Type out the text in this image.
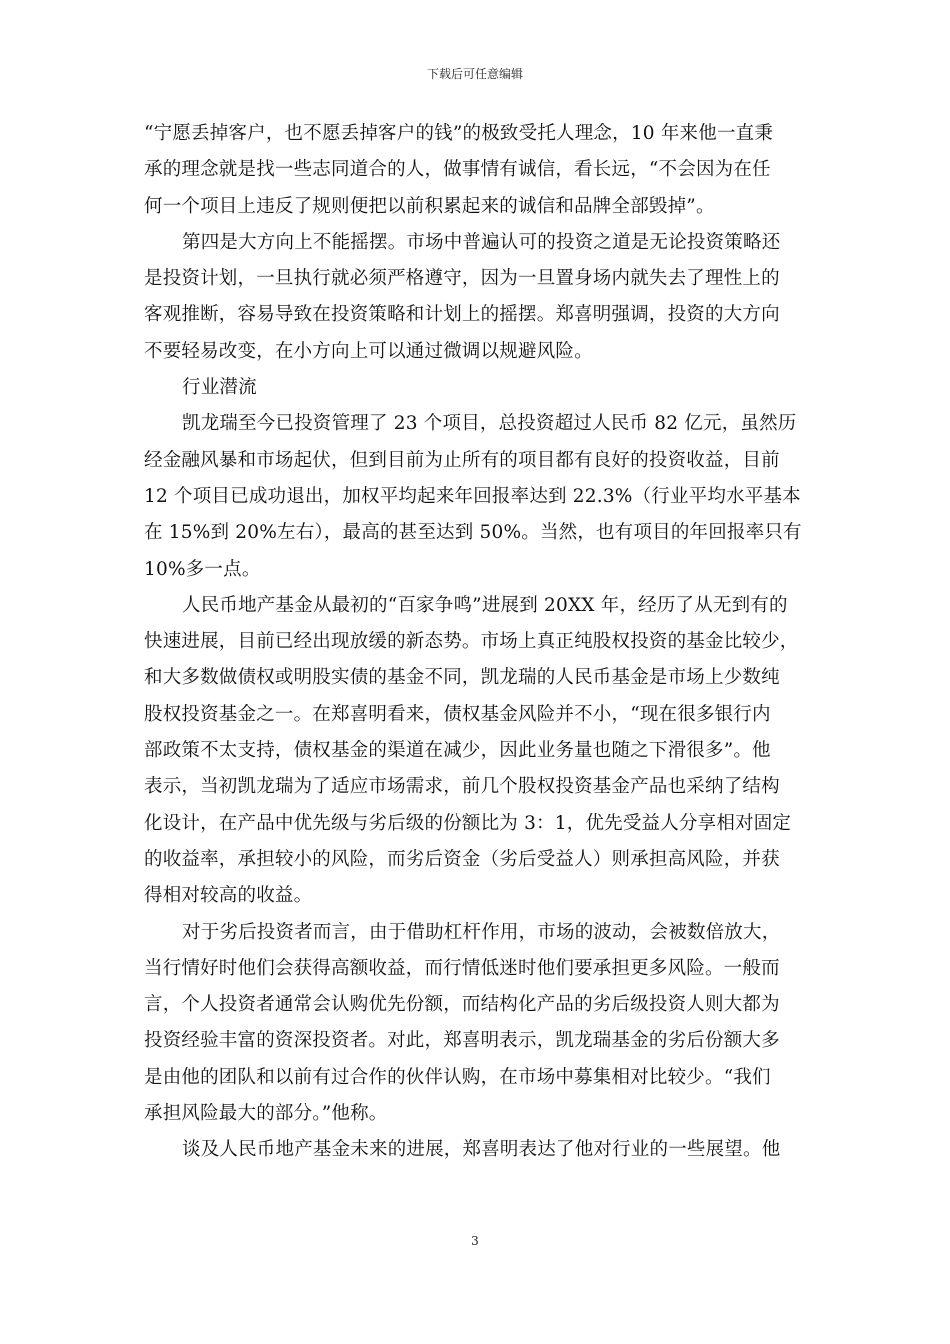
下载后可任意编辑
“宁愿丢掉客户，也不愿丢掉客户的钱”的极致受托人理念，10 年来他一直秉
承的理念就是找一些志同道合的人，做事情有诚信，看长远，“不会因为在任
何一个项目上违反了规则便把以前积累起来的诚信和品牌全部毁掉”。
第四是大方向上不能摇摆。市场中普遍认可的投资之道是无论投资策略还
是投资计划，一旦执行就必须严格遵守，因为一旦置身场内就失去了理性上的
客观推断，容易导致在投资策略和计划上的摇摆。郑喜明强调，投资的大方向
不要轻易改变，在小方向上可以通过微调以规避风险。
行业潜流
凯龙瑞至今已投资管理了 23 个项目，总投资超过人民币 82 亿元，虽然历
经金融风暴和市场起伏，但到目前为止所有的项目都有良好的投资收益，目前
12 个项目已成功退出，加权平均起来年回报率达到 22.3%（行业平均水平基本
在 15%到 20%左右），最高的甚至达到 50%。当然，也有项目的年回报率只有
10%多一点。
人民币地产基金从最初的“百家争鸣”进展到 20XX 年，经历了从无到有的
快速进展，目前已经出现放缓的新态势。市场上真正纯股权投资的基金比较少，
和大多数做债权或明股实债的基金不同，凯龙瑞的人民币基金是市场上少数纯
股权投资基金之一。在郑喜明看来，债权基金风险并不小，“现在很多银行内
部政策不太支持，债权基金的渠道在减少，因此业务量也随之下滑很多”。他
表示，当初凯龙瑞为了适应市场需求，前几个股权投资基金产品也采纳了结构
化设计，在产品中优先级与劣后级的份额比为 3：1，优先受益人分享相对固定
的收益率，承担较小的风险，而劣后资金（劣后受益人）则承担高风险，并获
得相对较高的收益。
对于劣后投资者而言，由于借助杠杆作用，市场的波动，会被数倍放大，
当行情好时他们会获得高额收益，而行情低迷时他们要承担更多风险。一般而
言，个人投资者通常会认购优先份额，而结构化产品的劣后级投资人则大都为
投资经验丰富的资深投资者。对此，郑喜明表示，凯龙瑞基金的劣后份额大多
是由他的团队和以前有过合作的伙伴认购，在市场中募集相对比较少。“我们
承担风险最大的部分。”他称。
谈及人民币地产基金未来的进展，郑喜明表达了他对行业的一些展望。他
3
